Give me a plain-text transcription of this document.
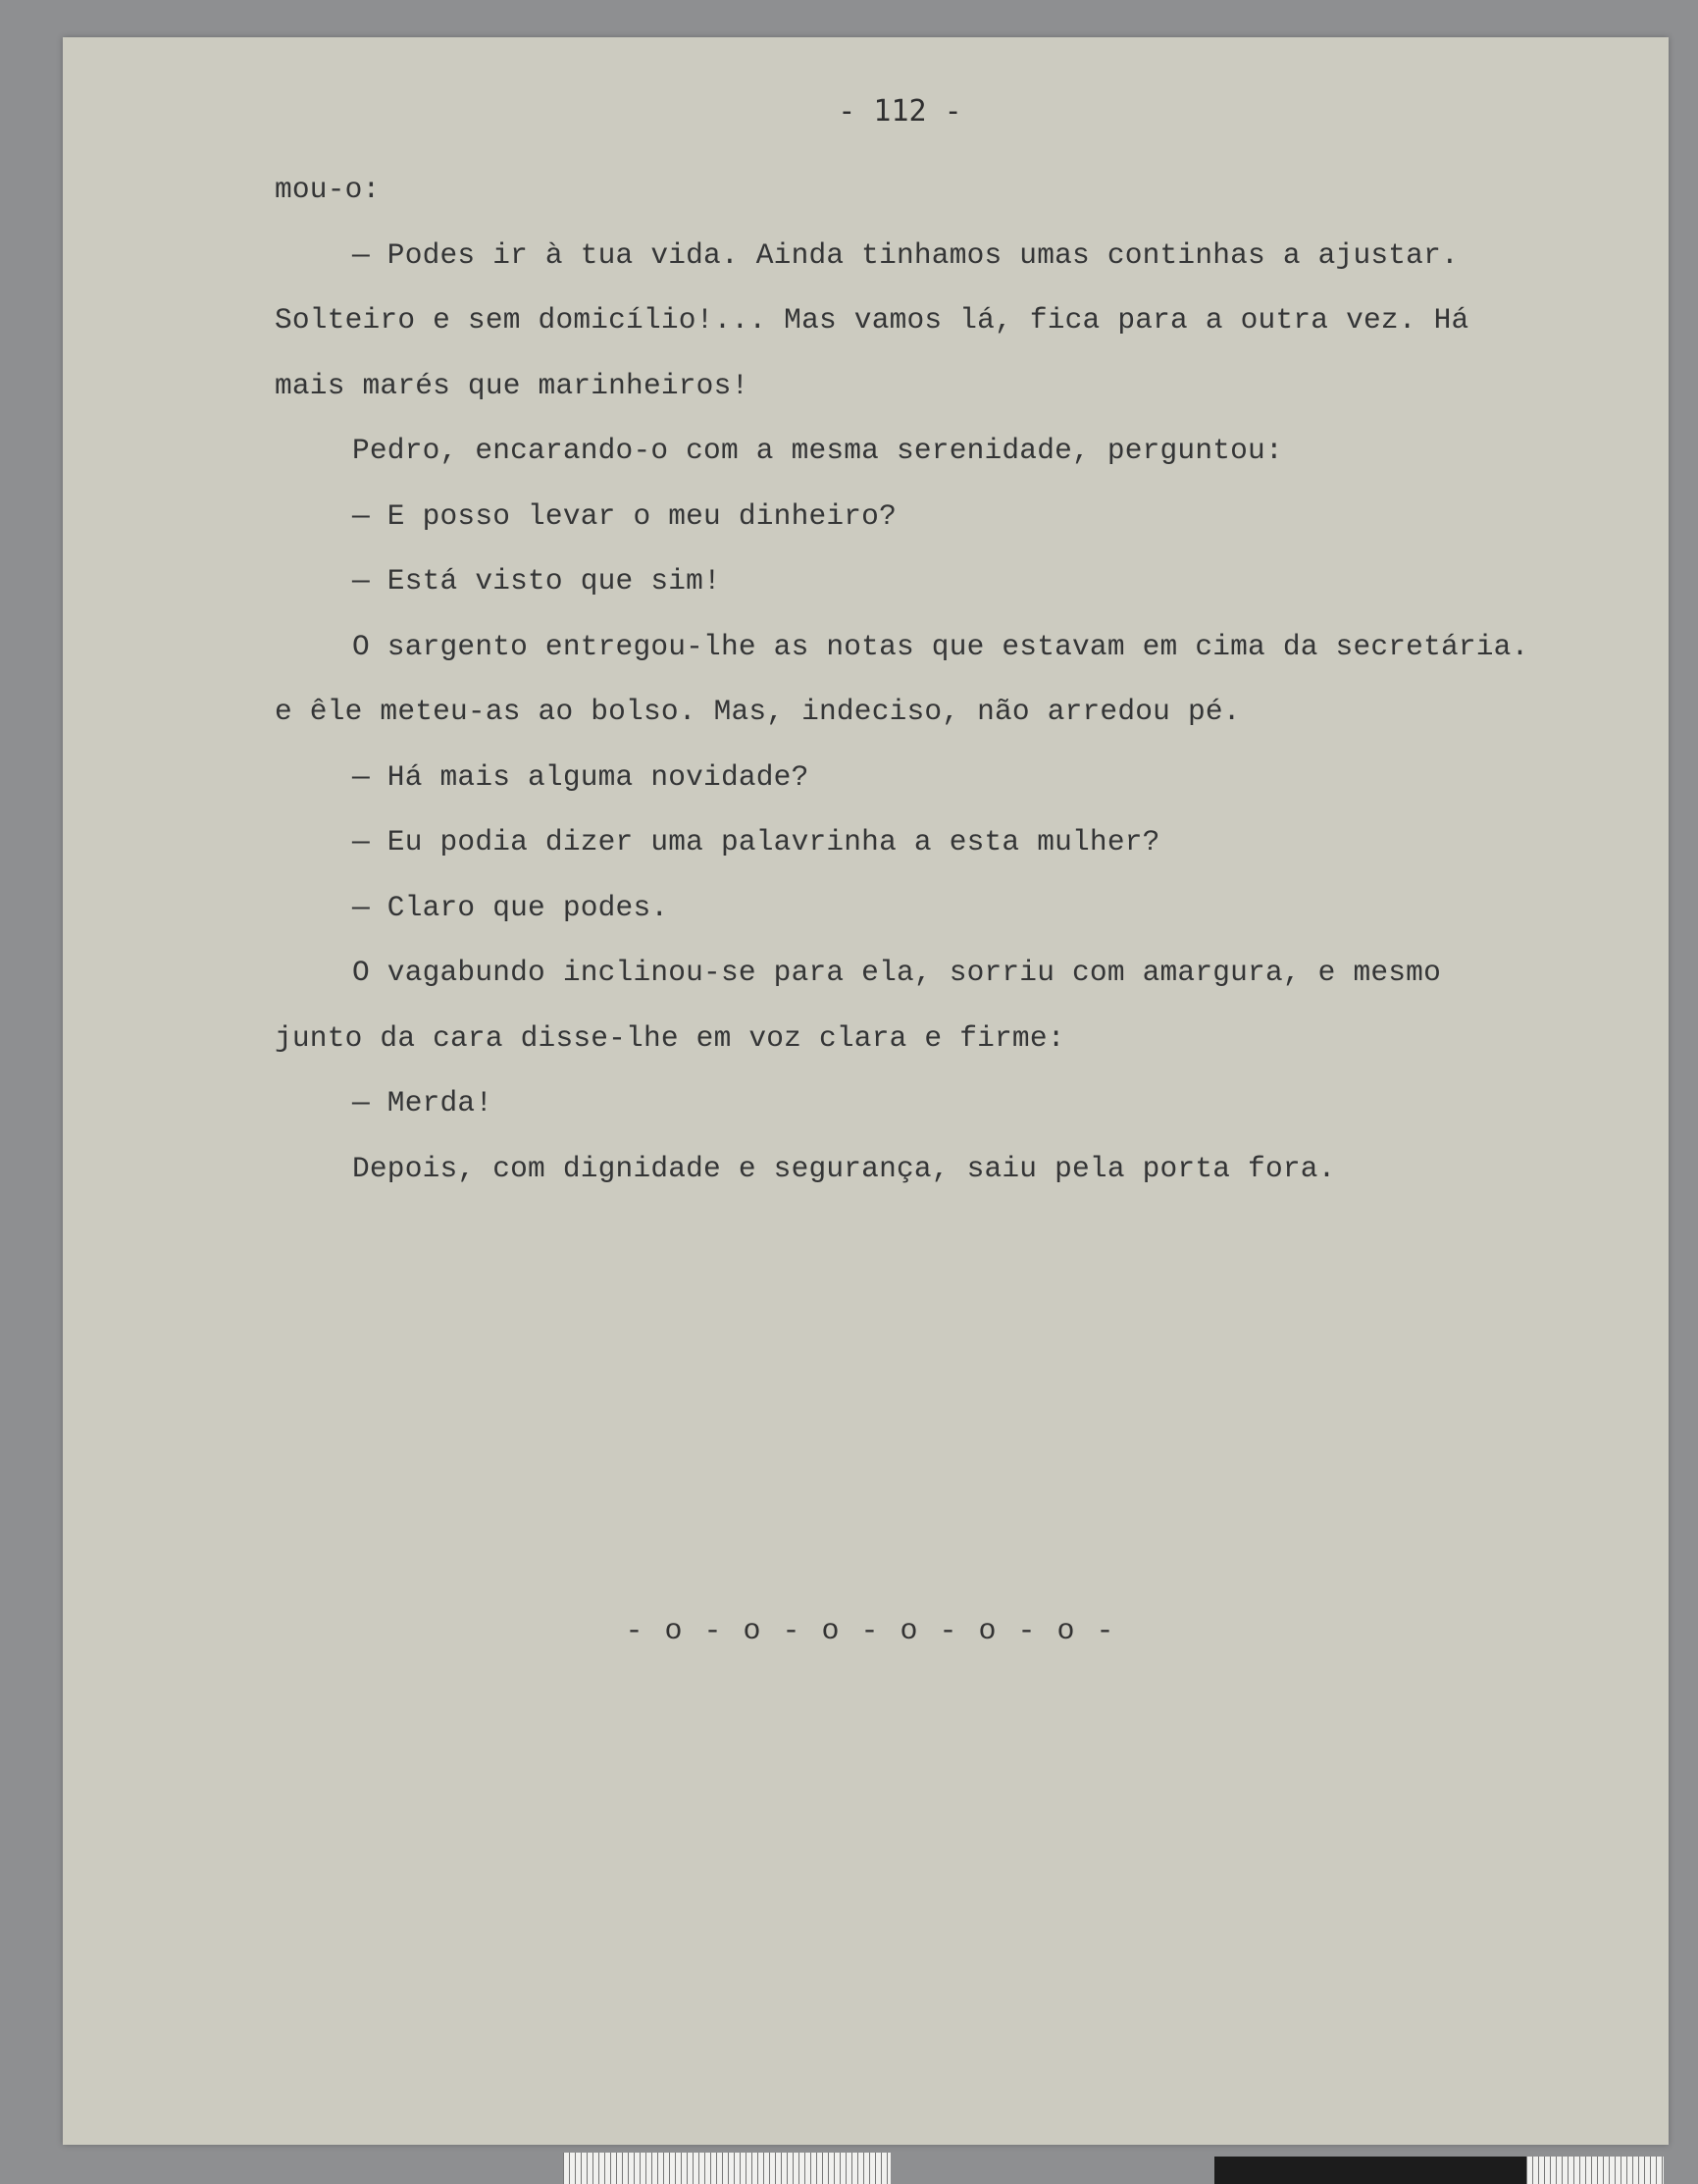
- 112 -
mou-o:
— Podes ir à tua vida. Ainda tinhamos umas continhas a ajustar.
Solteiro e sem domicílio!... Mas vamos lá, fica para a outra vez. Há
mais marés que marinheiros!
Pedro, encarando-o com a mesma serenidade, perguntou:
— E posso levar o meu dinheiro?
— Está visto que sim!
O sargento entregou-lhe as notas que estavam em cima da secretária.
e êle meteu-as ao bolso. Mas, indeciso, não arredou pé.
— Há mais alguma novidade?
— Eu podia dizer uma palavrinha a esta mulher?
— Claro que podes.
O vagabundo inclinou-se para ela, sorriu com amargura, e mesmo
junto da cara disse-lhe em voz clara e firme:
— Merda!
Depois, com dignidade e segurança, saiu pela porta fora.
- o - o - o - o - o - o -
